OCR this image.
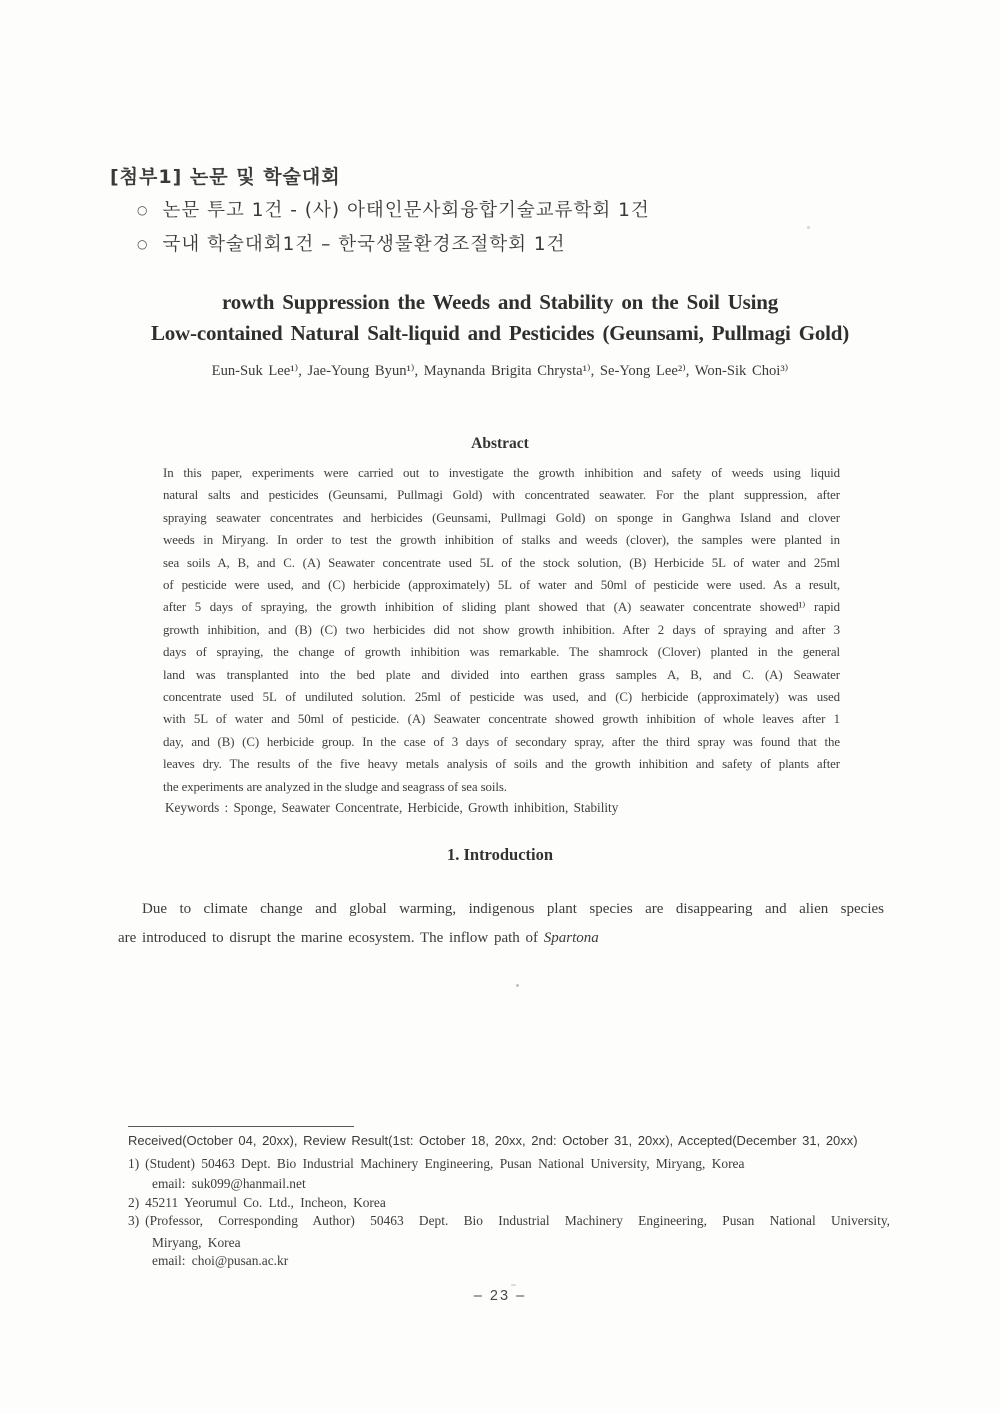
[첨부1] 논문 및 학술대회
○ 논문 투고 1건 - (사) 아태인문사회융합기술교류학회 1건
○ 국내 학술대회1건 – 한국생물환경조절학회 1건
rowth Suppression the Weeds and Stability on the Soil Using
Low-contained Natural Salt-liquid and Pesticides (Geunsami, Pullmagi Gold)
Eun-Suk Lee¹⁾, Jae-Young Byun¹⁾, Maynanda Brigita Chrysta¹⁾, Se-Yong Lee²⁾, Won-Sik Choi³⁾
Abstract
In this paper, experiments were carried out to investigate the growth inhibition and safety of weeds using liquid
natural salts and pesticides (Geunsami, Pullmagi Gold) with concentrated seawater. For the plant suppression, after
spraying seawater concentrates and herbicides (Geunsami, Pullmagi Gold) on sponge in Ganghwa Island and clover
weeds in Miryang. In order to test the growth inhibition of stalks and weeds (clover), the samples were planted in
sea soils A, B, and C. (A) Seawater concentrate used 5L of the stock solution, (B) Herbicide 5L of water and 25ml
of pesticide were used, and (C) herbicide (approximately) 5L of water and 50ml of pesticide were used. As a result,
after 5 days of spraying, the growth inhibition of sliding plant showed that (A) seawater concentrate showed¹⁾ rapid
growth inhibition, and (B) (C) two herbicides did not show growth inhibition. After 2 days of spraying and after 3
days of spraying, the change of growth inhibition was remarkable. The shamrock (Clover) planted in the general
land was transplanted into the bed plate and divided into earthen grass samples A, B, and C. (A) Seawater
concentrate used 5L of undiluted solution. 25ml of pesticide was used, and (C) herbicide (approximately) was used
with 5L of water and 50ml of pesticide. (A) Seawater concentrate showed growth inhibition of whole leaves after 1
day, and (B) (C) herbicide group. In the case of 3 days of secondary spray, after the third spray was found that the
leaves dry. The results of the five heavy metals analysis of soils and the growth inhibition and safety of plants after
the experiments are analyzed in the sludge and seagrass of sea soils.
Keywords : Sponge, Seawater Concentrate, Herbicide, Growth inhibition, Stability
1. Introduction
Due to climate change and global warming, indigenous plant species are disappearing and alien species
are introduced to disrupt the marine ecosystem. The inflow path of Spartona
Received(October 04, 20xx), Review Result(1st: October 18, 20xx, 2nd: October 31, 20xx), Accepted(December 31, 20xx)
1) (Student) 50463 Dept. Bio Industrial Machinery Engineering, Pusan National University, Miryang, Korea
email: suk099@hanmail.net
2) 45211 Yeorumul Co. Ltd., Incheon, Korea
3) (Professor, Corresponding Author) 50463 Dept. Bio Industrial Machinery Engineering, Pusan National University,
Miryang, Korea
email: choi@pusan.ac.kr
– 23 –
